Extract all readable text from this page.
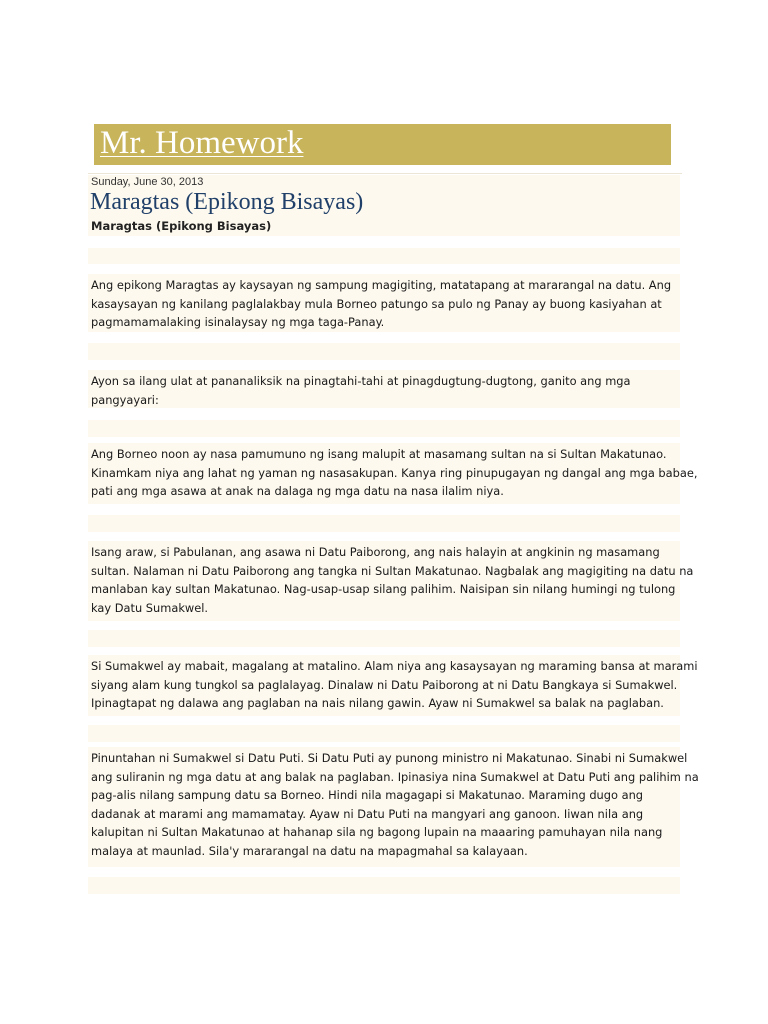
Mr. Homework
Sunday, June 30, 2013
Maragtas (Epikong Bisayas)
Maragtas (Epikong Bisayas)
Ang epikong Maragtas ay kaysayan ng sampung magigiting, matatapang at mararangal na datu. Ang
kasaysayan ng kanilang paglalakbay mula Borneo patungo sa pulo ng Panay ay buong kasiyahan at
pagmamamalaking isinalaysay ng mga taga-Panay.
Ayon sa ilang ulat at pananaliksik na pinagtahi-tahi at pinagdugtung-dugtong, ganito ang mga
pangyayari:
Ang Borneo noon ay nasa pamumuno ng isang malupit at masamang sultan na si Sultan Makatunao.
Kinamkam niya ang lahat ng yaman ng nasasakupan. Kanya ring pinupugayan ng dangal ang mga babae,
pati ang mga asawa at anak na dalaga ng mga datu na nasa ilalim niya.
Isang araw, si Pabulanan, ang asawa ni Datu Paiborong, ang nais halayin at angkinin ng masamang
sultan. Nalaman ni Datu Paiborong ang tangka ni Sultan Makatunao. Nagbalak ang magigiting na datu na
manlaban kay sultan Makatunao. Nag-usap-usap silang palihim. Naisipan sin nilang humingi ng tulong
kay Datu Sumakwel.
Si Sumakwel ay mabait, magalang at matalino. Alam niya ang kasaysayan ng maraming bansa at marami
siyang alam kung tungkol sa paglalayag. Dinalaw ni Datu Paiborong at ni Datu Bangkaya si Sumakwel.
Ipinagtapat ng dalawa ang paglaban na nais nilang gawin. Ayaw ni Sumakwel sa balak na paglaban.
Pinuntahan ni Sumakwel si Datu Puti. Si Datu Puti ay punong ministro ni Makatunao. Sinabi ni Sumakwel
ang suliranin ng mga datu at ang balak na paglaban. Ipinasiya nina Sumakwel at Datu Puti ang palihim na
pag-alis nilang sampung datu sa Borneo. Hindi nila magagapi si Makatunao. Maraming dugo ang
dadanak at marami ang mamamatay. Ayaw ni Datu Puti na mangyari ang ganoon. Iiwan nila ang
kalupitan ni Sultan Makatunao at hahanap sila ng bagong lupain na maaaring pamuhayan nila nang
malaya at maunlad. Sila'y mararangal na datu na mapagmahal sa kalayaan.
